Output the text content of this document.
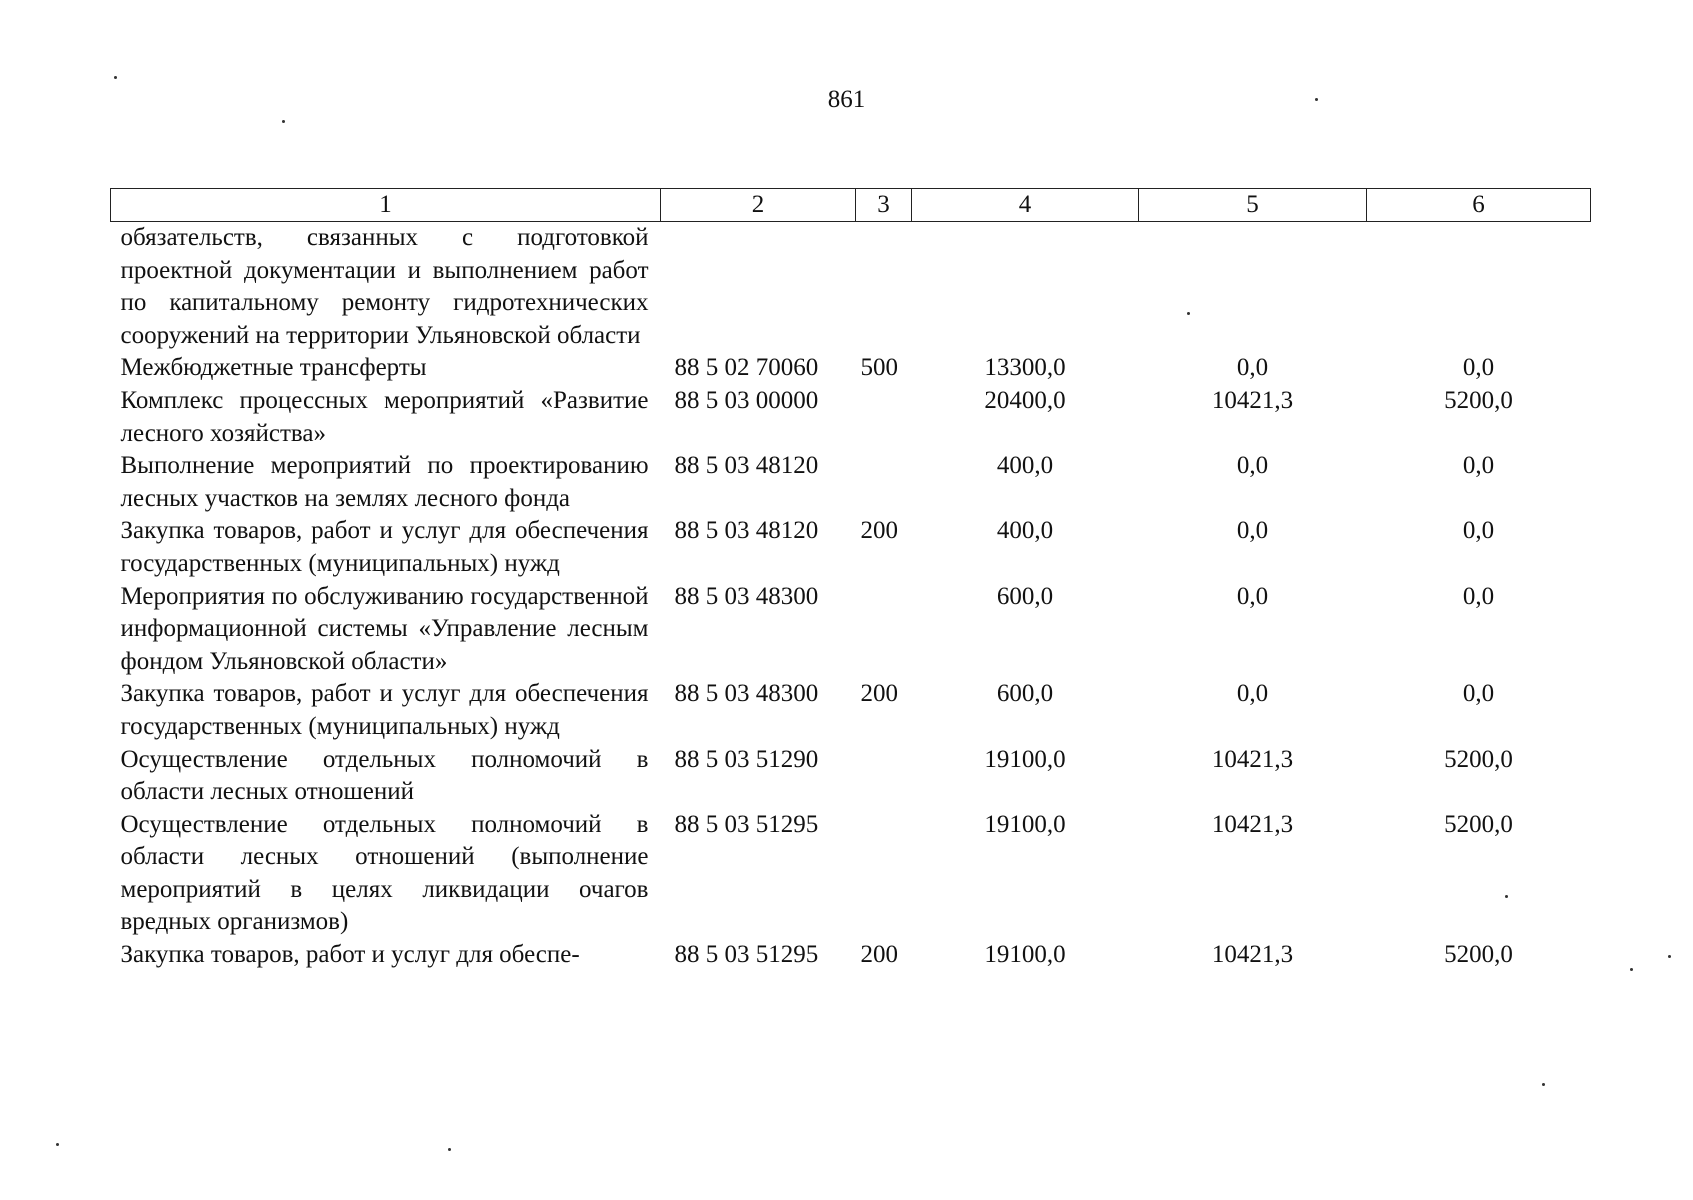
861
1	2	3	4	5	6
обязательств, связанных с подготовкой проектной документации и выполнением работ по капитальному ремонту гидротехнических сооружений на территории Ульяновской области					
Межбюджетные трансферты	88 5 02 70060	500	13300,0	0,0	0,0
Комплекс процессных мероприятий «Развитие лесного хозяйства»	88 5 03 00000		20400,0	10421,3	5200,0
Выполнение мероприятий по проектированию лесных участков на землях лесного фонда	88 5 03 48120		400,0	0,0	0,0
Закупка товаров, работ и услуг для обеспечения государственных (муниципальных) нужд	88 5 03 48120	200	400,0	0,0	0,0
Мероприятия по обслуживанию государственной информационной системы «Управление лесным фондом Ульяновской области»	88 5 03 48300		600,0	0,0	0,0
Закупка товаров, работ и услуг для обеспечения государственных (муниципальных) нужд	88 5 03 48300	200	600,0	0,0	0,0
Осуществление отдельных полномочий в области лесных отношений	88 5 03 51290		19100,0	10421,3	5200,0
Осуществление отдельных полномочий в области лесных отношений (выполнение мероприятий в целях ликвидации очагов вредных организмов)	88 5 03 51295		19100,0	10421,3	5200,0
Закупка товаров, работ и услуг для обеспе-	88 5 03 51295	200	19100,0	10421,3	5200,0
